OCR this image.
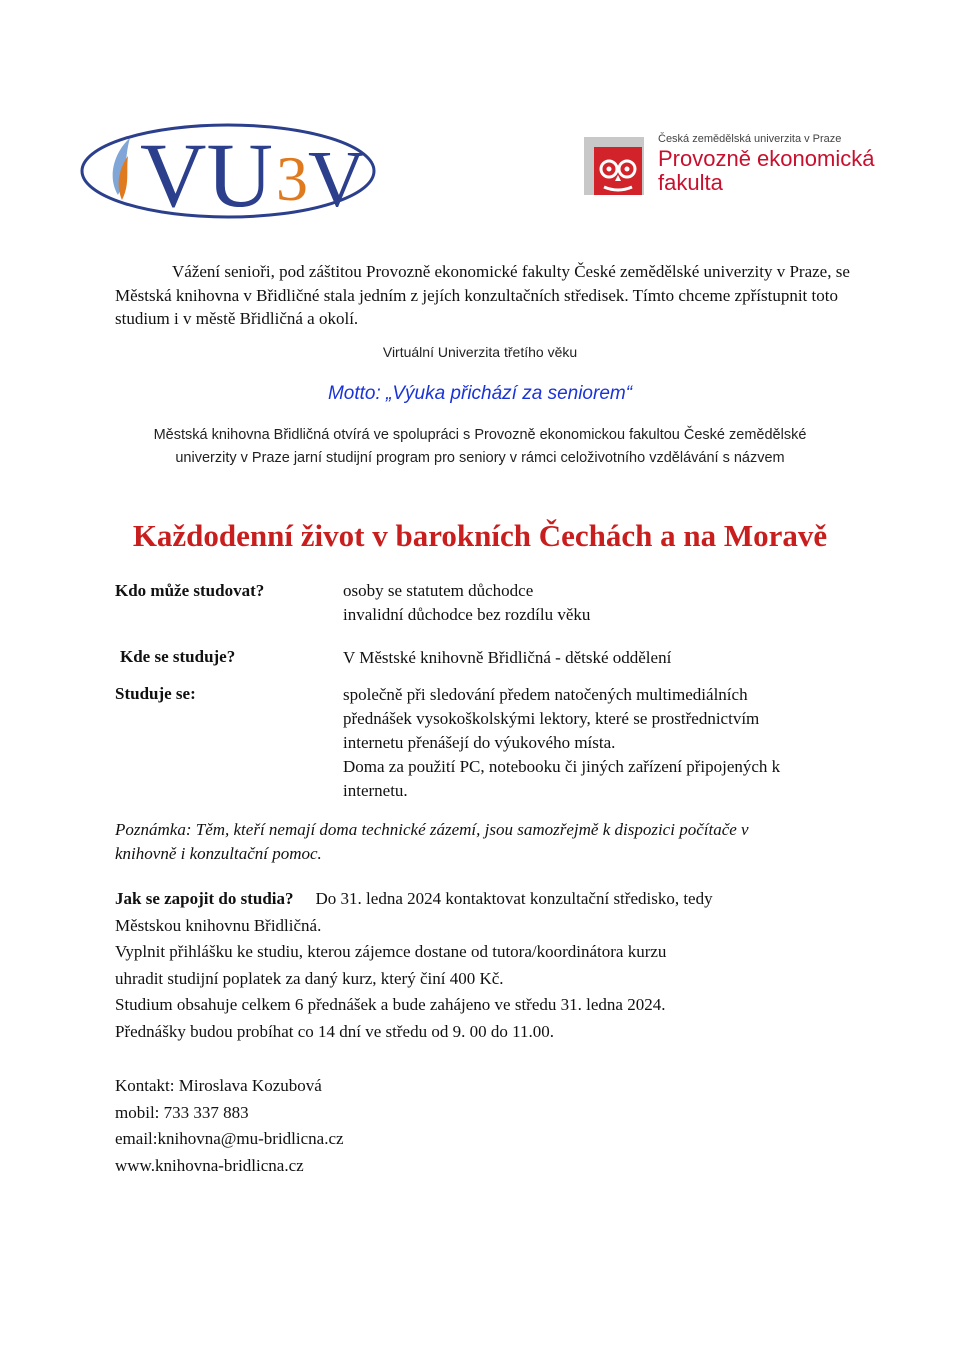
VU 3 V	Česká zemědělská univerzita v Praze
Provozně ekonomická
fakulta
Vážení senioři, pod záštitou Provozně ekonomické fakulty České zemědělské univerzity v Praze, se Městská knihovna v Břidličné stala jedním z jejích konzultačních středisek. Tímto chceme zpřístupnit toto studium i v městě Břidličná a okolí.
Virtuální Univerzita třetího věku
Motto: „Výuka přichází za seniorem“
Městská knihovna Břidličná otvírá ve spolupráci s Provozně ekonomickou fakultou České zemědělské
univerzity v Praze jarní studijní program pro seniory v rámci celoživotního vzdělávání s názvem
Každodenní život v barokních Čechách a na Moravě
Kdo může studovat?	osoby se statutem důchodce
invalidní důchodce bez rozdílu věku
Kde se studuje?	V Městské knihovně Břidličná - dětské oddělení
Studuje se:	společně při sledování předem natočených multimediálních
přednášek vysokoškolskými lektory, které se prostřednictvím
internetu přenášejí do výukového místa.
Doma za použití PC, notebooku či jiných zařízení připojených k
internetu.
Poznámka: Těm, kteří nemají doma technické zázemí, jsou samozřejmě k dispozici počítače v
knihovně i konzultační pomoc.
Jak se zapojit do studia? Do 31. ledna 2024 kontaktovat konzultační středisko, tedy
Městskou knihovnu Břidličná.
Vyplnit přihlášku ke studiu, kterou zájemce dostane od tutora/koordinátora kurzu
uhradit studijní poplatek za daný kurz, který činí 400 Kč.
Studium obsahuje celkem 6 přednášek a bude zahájeno ve středu 31. ledna 2024.
Přednášky budou probíhat co 14 dní ve středu od 9. 00 do 11.00.
Kontakt: Miroslava Kozubová
mobil: 733 337 883
email:knihovna@mu-bridlicna.cz
www.knihovna-bridlicna.cz
